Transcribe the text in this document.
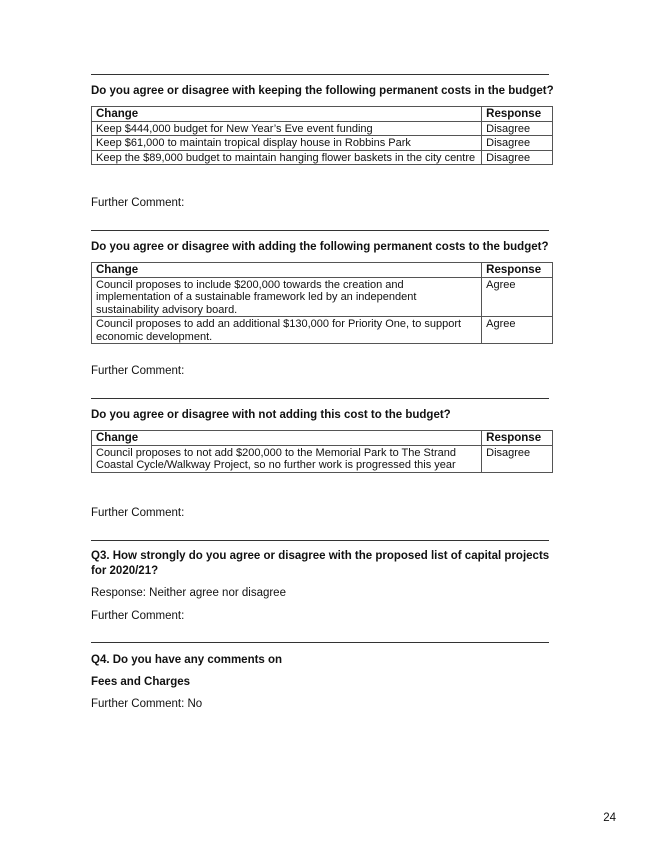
Do you agree or disagree with keeping the following permanent costs in the budget?
Change	Response
Keep $444,000 budget for New Year’s Eve event funding	Disagree
Keep $61,000 to maintain tropical display house in Robbins Park	Disagree
Keep the $89,000 budget to maintain hanging flower baskets in the city centre	Disagree
Further Comment:
Do you agree or disagree with adding the following permanent costs to the budget?
Change	Response
Council proposes to include $200,000 towards the creation and implementation of a sustainable framework led by an independent sustainability advisory board.	Agree
Council proposes to add an additional $130,000 for Priority One, to support economic development.	Agree
Further Comment:
Do you agree or disagree with not adding this cost to the budget?
Change	Response
Council proposes to not add $200,000 to the Memorial Park to The Strand Coastal Cycle/Walkway Project, so no further work is progressed this year	Disagree
Further Comment:
Q3. How strongly do you agree or disagree with the proposed list of capital projects for 2020/21?
Response: Neither agree nor disagree
Further Comment:
Q4. Do you have any comments on
Fees and Charges
Further Comment: No
24
